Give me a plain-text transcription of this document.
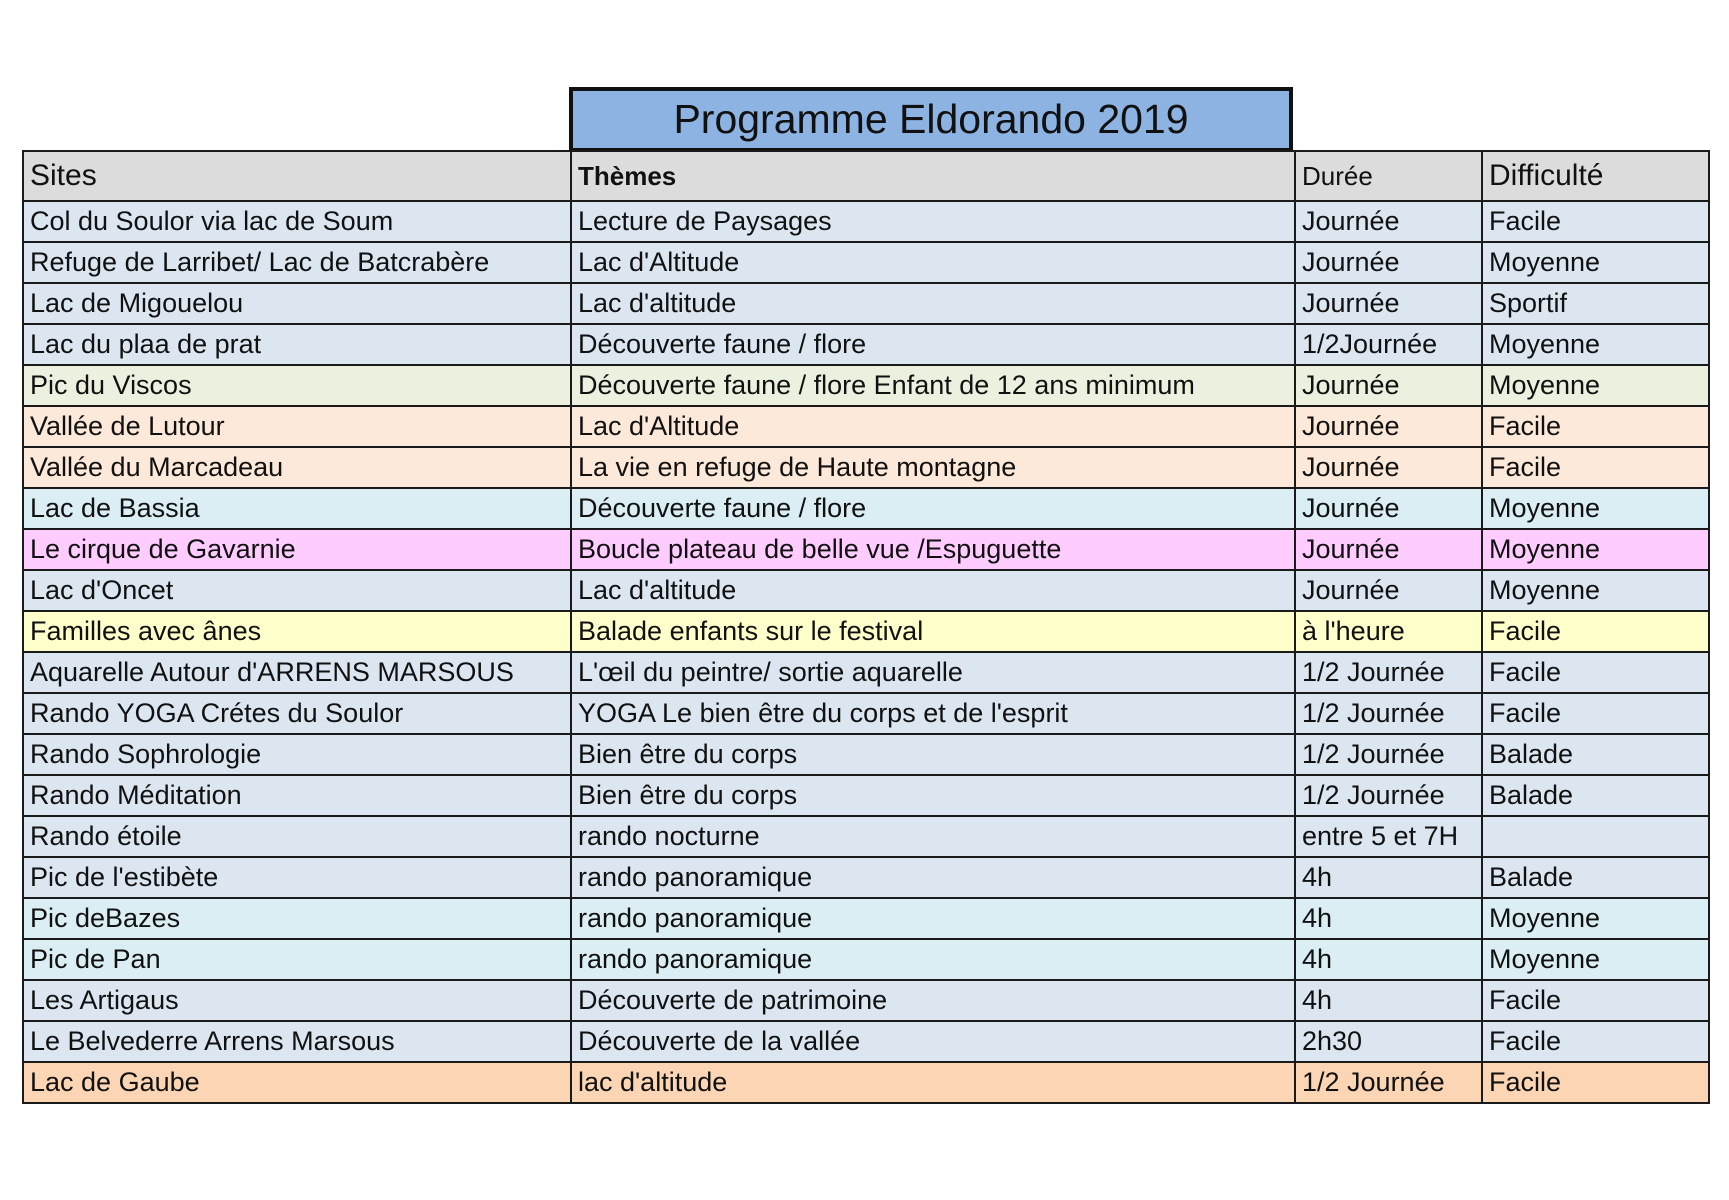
Programme Eldorando 2019
Sites	Thèmes	Durée	Difficulté
Col du Soulor via lac de Soum	Lecture de Paysages	Journée	Facile
Refuge de Larribet/ Lac de Batcrabère	Lac d'Altitude	Journée	Moyenne
Lac de Migouelou	Lac d'altitude	Journée	Sportif
Lac du plaa de prat	Découverte faune / flore	1/2Journée	Moyenne
Pic du Viscos	Découverte faune / flore Enfant de 12 ans minimum	Journée	Moyenne
Vallée de Lutour	Lac d'Altitude	Journée	Facile
Vallée du Marcadeau	La vie en refuge de Haute montagne	Journée	Facile
Lac de Bassia	Découverte faune / flore	Journée	Moyenne
Le cirque de Gavarnie	Boucle plateau de belle vue /Espuguette	Journée	Moyenne
Lac d'Oncet	Lac d'altitude	Journée	Moyenne
Familles avec ânes	Balade enfants sur le festival	à l'heure	Facile
Aquarelle Autour d'ARRENS MARSOUS	L'œil du peintre/ sortie aquarelle	1/2 Journée	Facile
Rando YOGA Crétes du Soulor	YOGA Le bien être du corps et de l'esprit	1/2 Journée	Facile
Rando Sophrologie	Bien être du corps	1/2 Journée	Balade
Rando Méditation	Bien être du corps	1/2 Journée	Balade
Rando étoile	rando nocturne	entre 5 et 7H	
Pic de l'estibète	rando panoramique	4h	Balade
Pic deBazes	rando panoramique	4h	Moyenne
Pic de Pan	rando panoramique	4h	Moyenne
Les Artigaus	Découverte de patrimoine	4h	Facile
Le Belvederre Arrens Marsous	Découverte de la vallée	2h30	Facile
Lac de Gaube	lac d'altitude	1/2 Journée	Facile
